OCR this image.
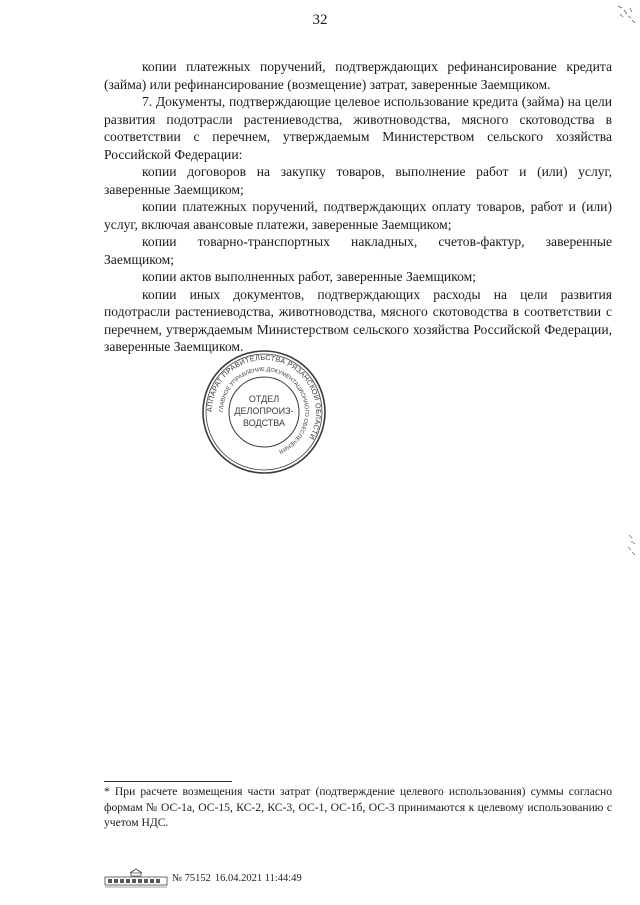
32

копии платежных поручений, подтверждающих рефинансирование кредита (займа) или рефинансирование (возмещение) затрат, заверенные Заемщиком.

7. Документы, подтверждающие целевое использование кредита (займа) на цели развития подотрасли растениеводства, животноводства, мясного скотоводства в соответствии с перечнем, утверждаемым Министерством сельского хозяйства Российской Федерации:

копии договоров на закупку товаров, выполнение работ и (или) услуг, заверенные Заемщиком;

копии платежных поручений, подтверждающих оплату товаров, работ и (или) услуг, включая авансовые платежи, заверенные Заемщиком;

копии товарно-транспортных накладных, счетов-фактур, заверенные Заемщиком;

копии актов выполненных работ, заверенные Заемщиком;

копии иных документов, подтверждающих расходы на цели развития подотрасли растениеводства, животноводства, мясного скотоводства в соответствии с перечнем, утверждаемым Министерством сельского хозяйства Российской Федерации, заверенные Заемщиком.

АППАРАТ ПРАВИТЕЛЬСТВА РЯЗАНСКОЙ ОБЛАСТИ
ГЛАВНОЕ УПРАВЛЕНИЕ ДОКУМЕНТАЦИОННОГО ОБЕСПЕЧЕНИЯ
ОТДЕЛ
ДЕЛОПРОИЗ-
ВОДСТВА

* При расчете возмещения части затрат (подтверждение целевого использования) суммы согласно формам № ОС-1а, ОС-15, КС-2, КС-3, ОС-1, ОС-1б, ОС-3 принимаются к целевому использованию с учетом НДС.

№ 75152 16.04.2021 11:44:49
